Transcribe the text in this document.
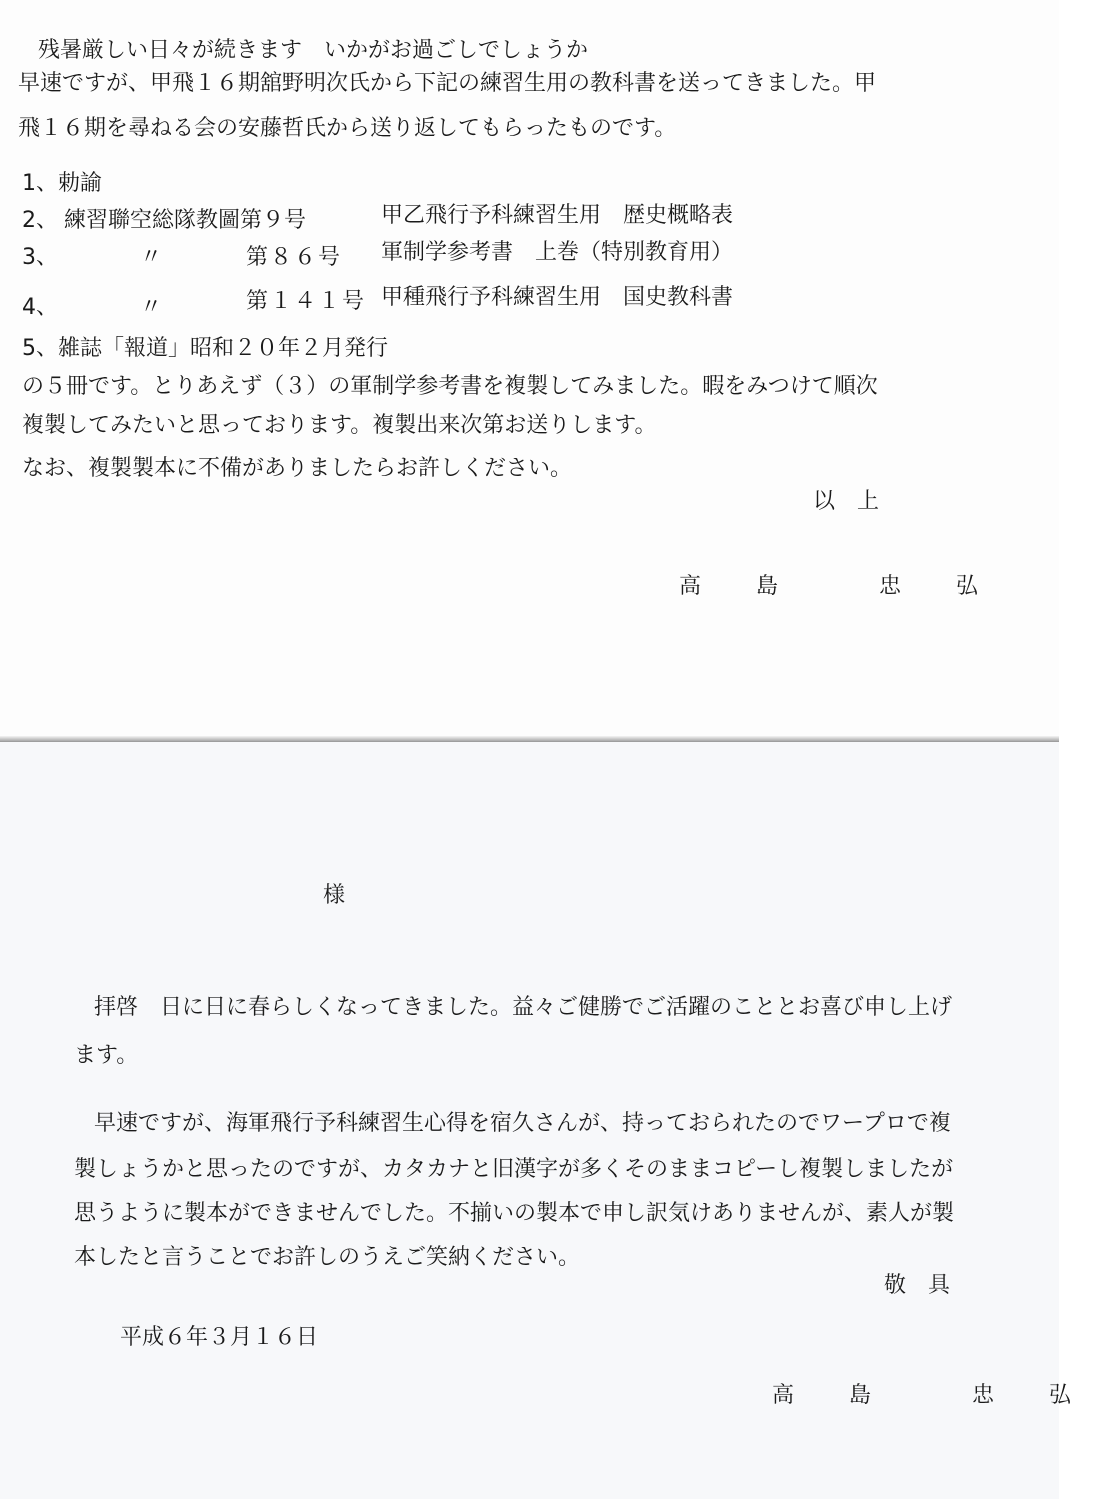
残暑厳しい日々が続きます　いかがお過ごしでしょうか
早速ですが、甲飛１６期舘野明次氏から下記の練習生用の教科書を送ってきました。甲
飛１６期を尋ねる会の安藤哲氏から送り返してもらったものです。
1、勅諭
2、 練習聯空総隊教圖第９号	甲乙飛行予科練習生用　歴史概略表
3、	〃	第８６号 軍制学参考書　上巻（特別教育用）
4、	〃	第１４１号 甲種飛行予科練習生用　国史教科書
5、雑誌「報道」昭和２０年２月発行
の５冊です。とりあえず（３）の軍制学参考書を複製してみました。暇をみつけて順次
複製してみたいと思っております。複製出来次第お送りします。
なお、複製製本に不備がありましたらお許しください。
以　上
高 島　 忠 弘
様
拝啓　日に日に春らしくなってきました。益々ご健勝でご活躍のこととお喜び申し上げ
ます。
早速ですが、海軍飛行予科練習生心得を宿久さんが、持っておられたのでワープロで複
製しょうかと思ったのですが、カタカナと旧漢字が多くそのままコピーし複製しましたが
思うように製本ができませんでした。不揃いの製本で申し訳気けありませんが、素人が製
本したと言うことでお許しのうえご笑納ください。
敬　具
平成６年３月１６日
高 島　 忠 弘
